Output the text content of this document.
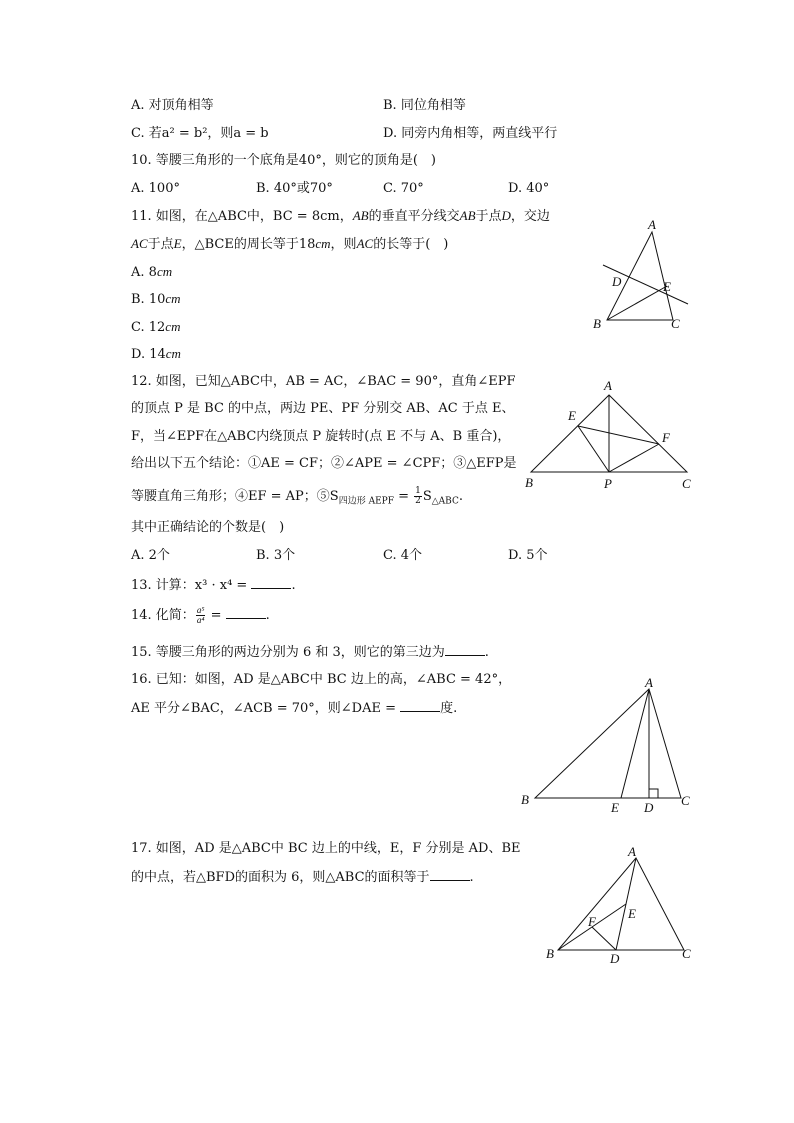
A. 对顶角相等	B. 同位角相等
C. 若a² = b²，则a = b	D. 同旁内角相等，两直线平行
10. 等腰三角形的一个底角是40°，则它的顶角是(　)
A. 100°	B. 40°或70°	C. 70°	D. 40°
11. 如图，在△ABC中，BC = 8cm，AB的垂直平分线交AB于点D，交边
AC于点E，△BCE的周长等于18cm，则AC的长等于(　)
A. 8cm
B. 10cm
C. 12cm
D. 14cm
A
B	C
D	E
12. 如图，已知△ABC中，AB = AC，∠BAC = 90°，直角∠EPF
的顶点 P 是 BC 的中点，两边 PE、PF 分别交 AB、AC 于点 E、
F，当∠EPF在△ABC内绕顶点 P 旋转时(点 E 不与 A、B 重合)，
给出以下五个结论：①AE = CF；②∠APE = ∠CPF；③△EFP是
等腰直角三角形；④EF = AP；$⑤S_{四边形 AEPF} = \frac{1}{2} S_{\triangle ABC}$.
其中正确结论的个数是(　)
A. 2个	B. 3个	C. 4个	D. 5个
A
B	C
E
F
P
13. 计算：x³ · x⁴ =	.
14. 化简： $\frac{\text{a⁵}}{\text{a⁴}}$ =	.
15. 等腰三角形的两边分别为 6 和 3，则它的第三边为	.
16. 已知：如图，AD 是△ABC中 BC 边上的高，∠ABC = 42°，
AE 平分∠BAC，∠ACB = 70°，则∠DAE =	度.
A
B	C
D
E
17. 如图，AD 是△ABC中 BC 边上的中线，E，F 分别是 AD、BE
的中点，若△BFD的面积为 6，则△ABC的面积等于	.
A
B	C
D
E
F
